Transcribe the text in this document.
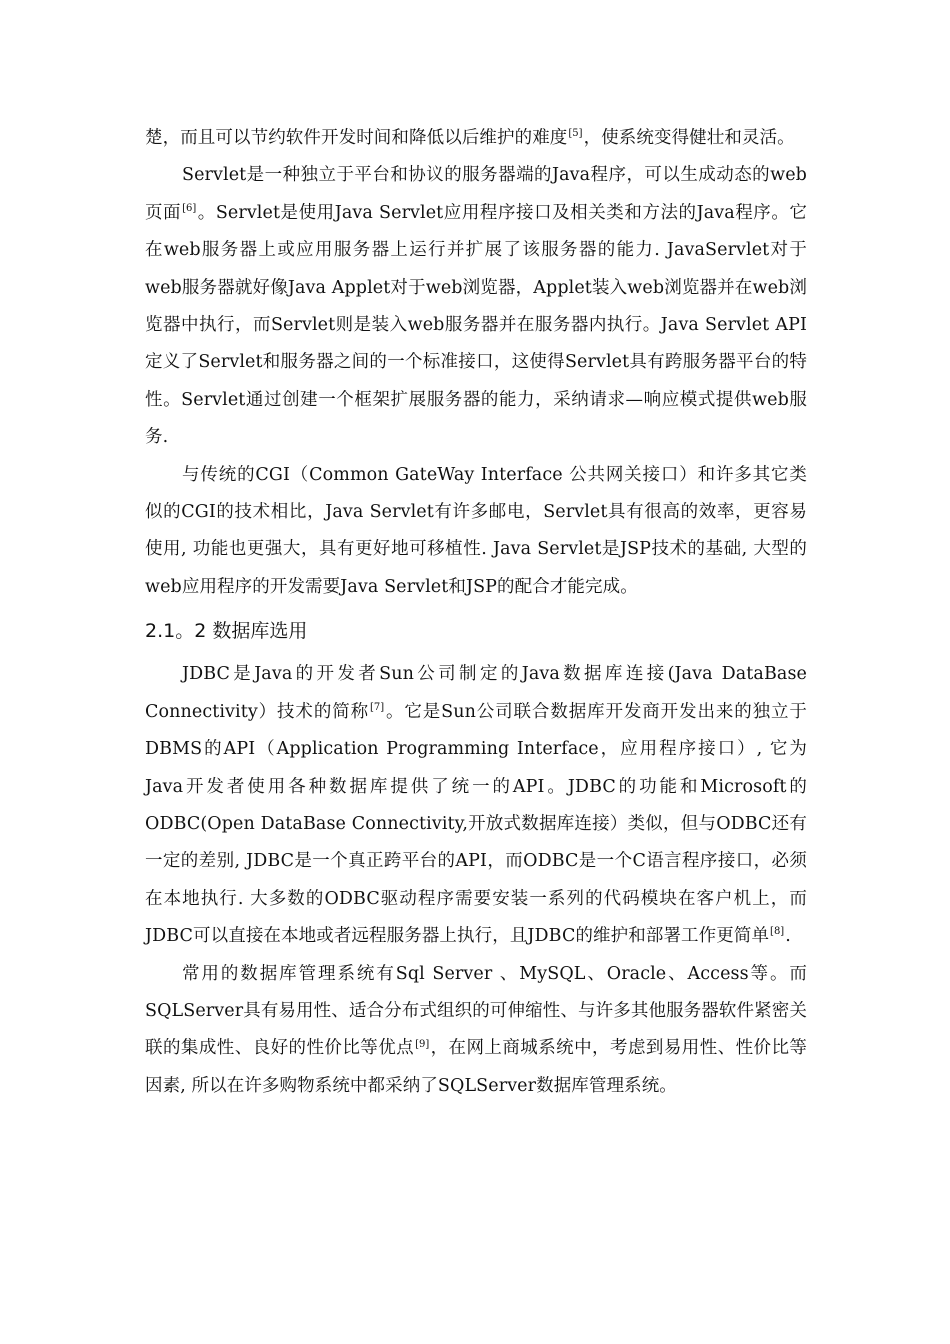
楚，而且可以节约软件开发时间和降低以后维护的难度[5]，使系统变得健壮和灵活。

Servlet是一种独立于平台和协议的服务器端的Java程序，可以生成动态的web页面[6]。Servlet是使用Java Servlet应用程序接口及相关类和方法的Java程序。它在web服务器上或应用服务器上运行并扩展了该服务器的能力. JavaServlet对于web服务器就好像Java Applet对于web浏览器，Applet装入web浏览器并在web浏览器中执行，而Servlet则是装入web服务器并在服务器内执行。Java Servlet API定义了Servlet和服务器之间的一个标准接口，这使得Servlet具有跨服务器平台的特性。Servlet通过创建一个框架扩展服务器的能力，采纳请求—响应模式提供web服务.

与传统的CGI（Common GateWay Interface 公共网关接口）和许多其它类似的CGI的技术相比，Java Servlet有许多邮电，Servlet具有很高的效率，更容易使用, 功能也更强大，具有更好地可移植性. Java Servlet是JSP技术的基础, 大型的web应用程序的开发需要Java Servlet和JSP的配合才能完成。

2.1。2 数据库选用

JDBC是Java的开发者Sun公司制定的Java数据库连接(Java DataBase Connectivity）技术的简称[7]。它是Sun公司联合数据库开发商开发出来的独立于DBMS的API（Application Programming Interface，应用程序接口）, 它为Java开发者使用各种数据库提供了统一的API。JDBC的功能和Microsoft的ODBC(Open DataBase Connectivity,开放式数据库连接）类似，但与ODBC还有一定的差别, JDBC是一个真正跨平台的API，而ODBC是一个C语言程序接口，必须在本地执行. 大多数的ODBC驱动程序需要安装一系列的代码模块在客户机上，而JDBC可以直接在本地或者远程服务器上执行，且JDBC的维护和部署工作更简单[8].

常用的数据库管理系统有Sql Server 、MySQL、Oracle、Access等。而SQLServer具有易用性、适合分布式组织的可伸缩性、与许多其他服务器软件紧密关联的集成性、良好的性价比等优点[9]，在网上商城系统中，考虑到易用性、性价比等因素, 所以在许多购物系统中都采纳了SQLServer数据库管理系统。
